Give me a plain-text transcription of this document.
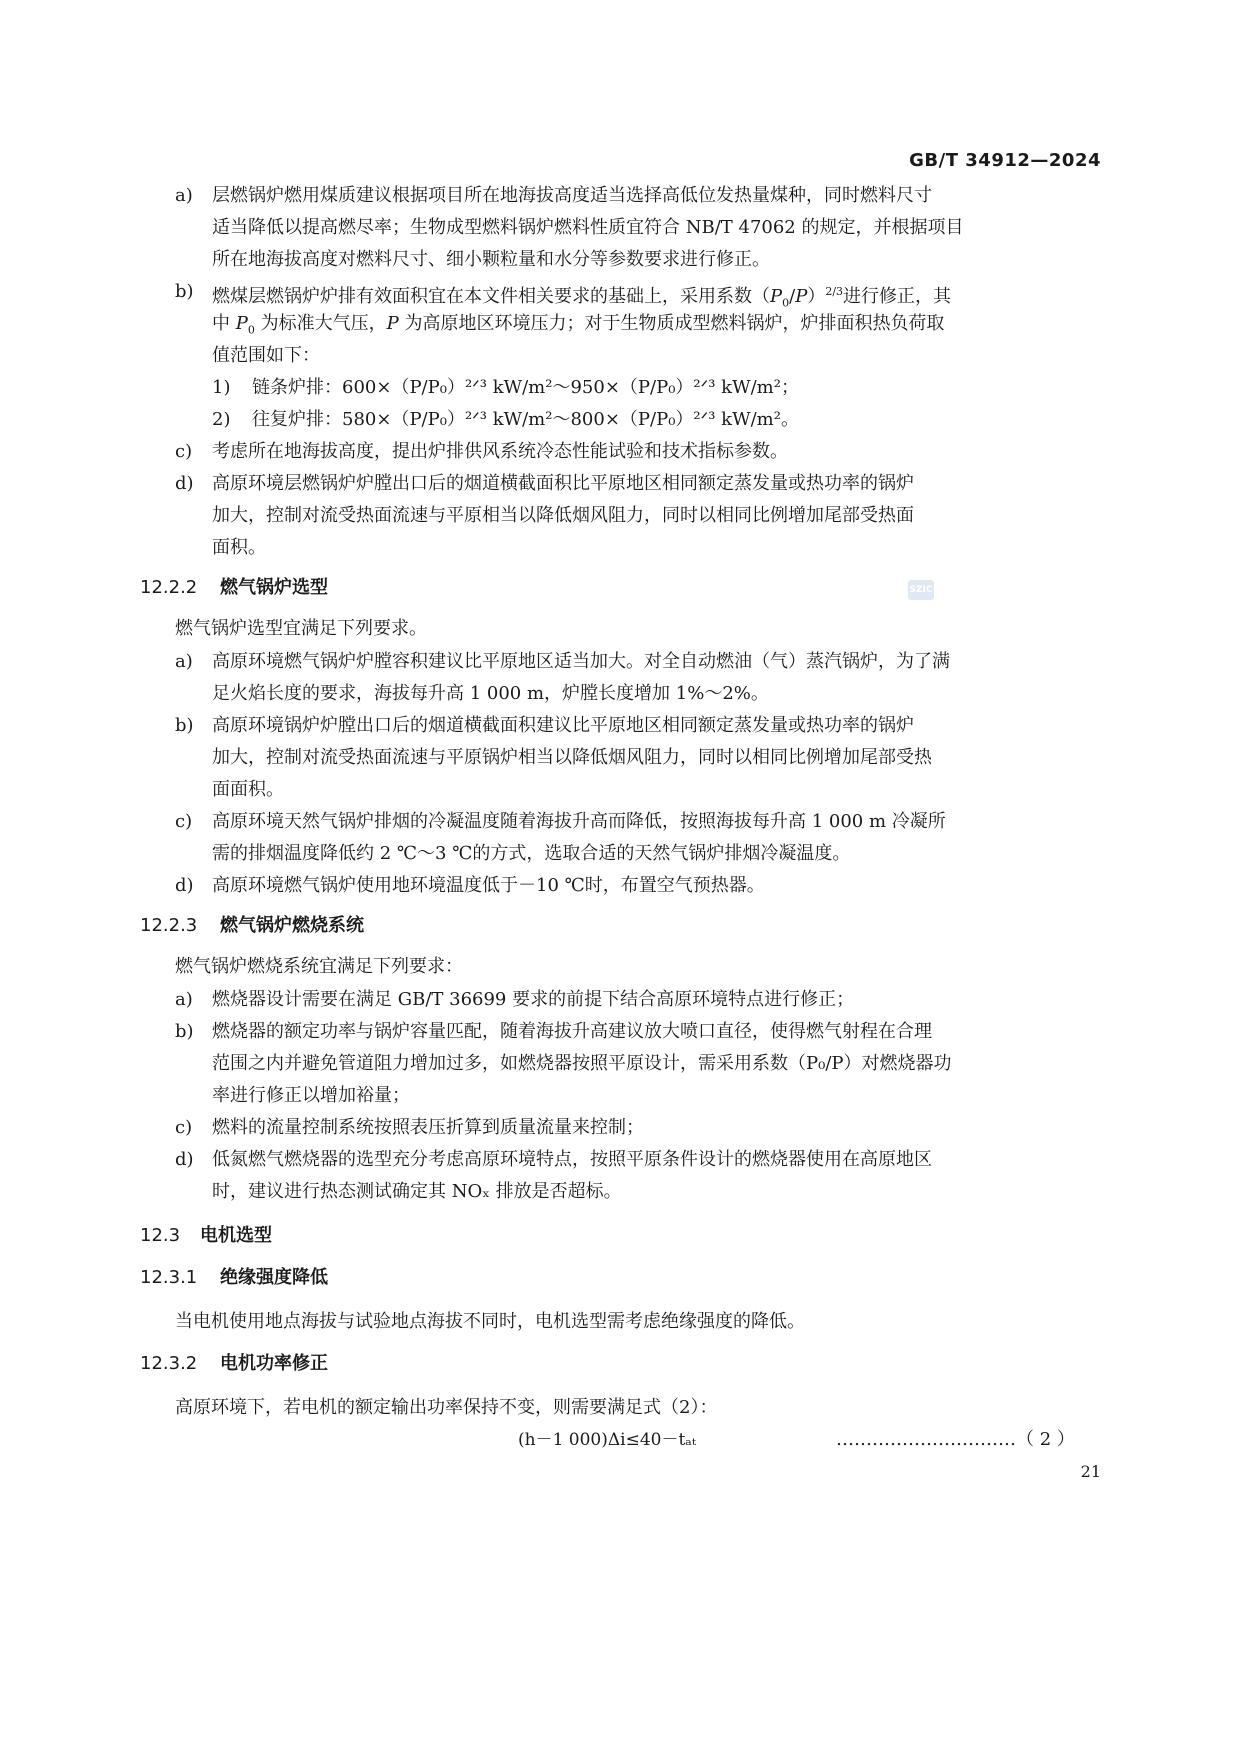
GB/T 34912—2024
a) 层燃锅炉燃用煤质建议根据项目所在地海拔高度适当选择高低位发热量煤种，同时燃料尺寸
适当降低以提高燃尽率；生物成型燃料锅炉燃料性质宜符合 NB/T 47062 的规定，并根据项目
所在地海拔高度对燃料尺寸、细小颗粒量和水分等参数要求进行修正。
b) 燃煤层燃锅炉炉排有效面积宜在本文件相关要求的基础上，采用系数$(P_0/P)^{2/3}$进行修正，其
中 $P_0$ 为标准大气压，P 为高原地区环境压力；对于生物质成型燃料锅炉，炉排面积热负荷取
值范围如下：
1) 链条炉排：600×（P/P₀）²ᐟ³ kW/m²～950×（P/P₀）²ᐟ³ kW/m²；
2) 往复炉排：580×（P/P₀）²ᐟ³ kW/m²～800×（P/P₀）²ᐟ³ kW/m²。
c) 考虑所在地海拔高度，提出炉排供风系统冷态性能试验和技术指标参数。
d) 高原环境层燃锅炉炉膛出口后的烟道横截面积比平原地区相同额定蒸发量或热功率的锅炉
加大，控制对流受热面流速与平原相当以降低烟风阻力，同时以相同比例增加尾部受热面
面积。
SZIC
12.2.2 燃气锅炉选型
燃气锅炉选型宜满足下列要求。
a) 高原环境燃气锅炉炉膛容积建议比平原地区适当加大。对全自动燃油（气）蒸汽锅炉，为了满
足火焰长度的要求，海拔每升高 1 000 m，炉膛长度增加 1%～2%。
b) 高原环境锅炉炉膛出口后的烟道横截面积建议比平原地区相同额定蒸发量或热功率的锅炉
加大，控制对流受热面流速与平原锅炉相当以降低烟风阻力，同时以相同比例增加尾部受热
面面积。
c) 高原环境天然气锅炉排烟的冷凝温度随着海拔升高而降低，按照海拔每升高 1 000 m 冷凝所
需的排烟温度降低约 2 ℃～3 ℃的方式，选取合适的天然气锅炉排烟冷凝温度。
d) 高原环境燃气锅炉使用地环境温度低于－10 ℃时，布置空气预热器。
12.2.3 燃气锅炉燃烧系统
燃气锅炉燃烧系统宜满足下列要求：
a) 燃烧器设计需要在满足 GB/T 36699 要求的前提下结合高原环境特点进行修正；
b) 燃烧器的额定功率与锅炉容量匹配，随着海拔升高建议放大喷口直径，使得燃气射程在合理
范围之内并避免管道阻力增加过多，如燃烧器按照平原设计，需采用系数（P₀/P）对燃烧器功
率进行修正以增加裕量；
c) 燃料的流量控制系统按照表压折算到质量流量来控制；
d) 低氮燃气燃烧器的选型充分考虑高原环境特点，按照平原条件设计的燃烧器使用在高原地区
时，建议进行热态测试确定其 NOₓ 排放是否超标。
12.3 电机选型
12.3.1 绝缘强度降低
当电机使用地点海拔与试验地点海拔不同时，电机选型需考虑绝缘强度的降低。
12.3.2 电机功率修正
高原环境下，若电机的额定输出功率保持不变，则需要满足式（2）：
(h－1 000)Δi≤40－tₐₜ	…………………………（ 2 ）
21
